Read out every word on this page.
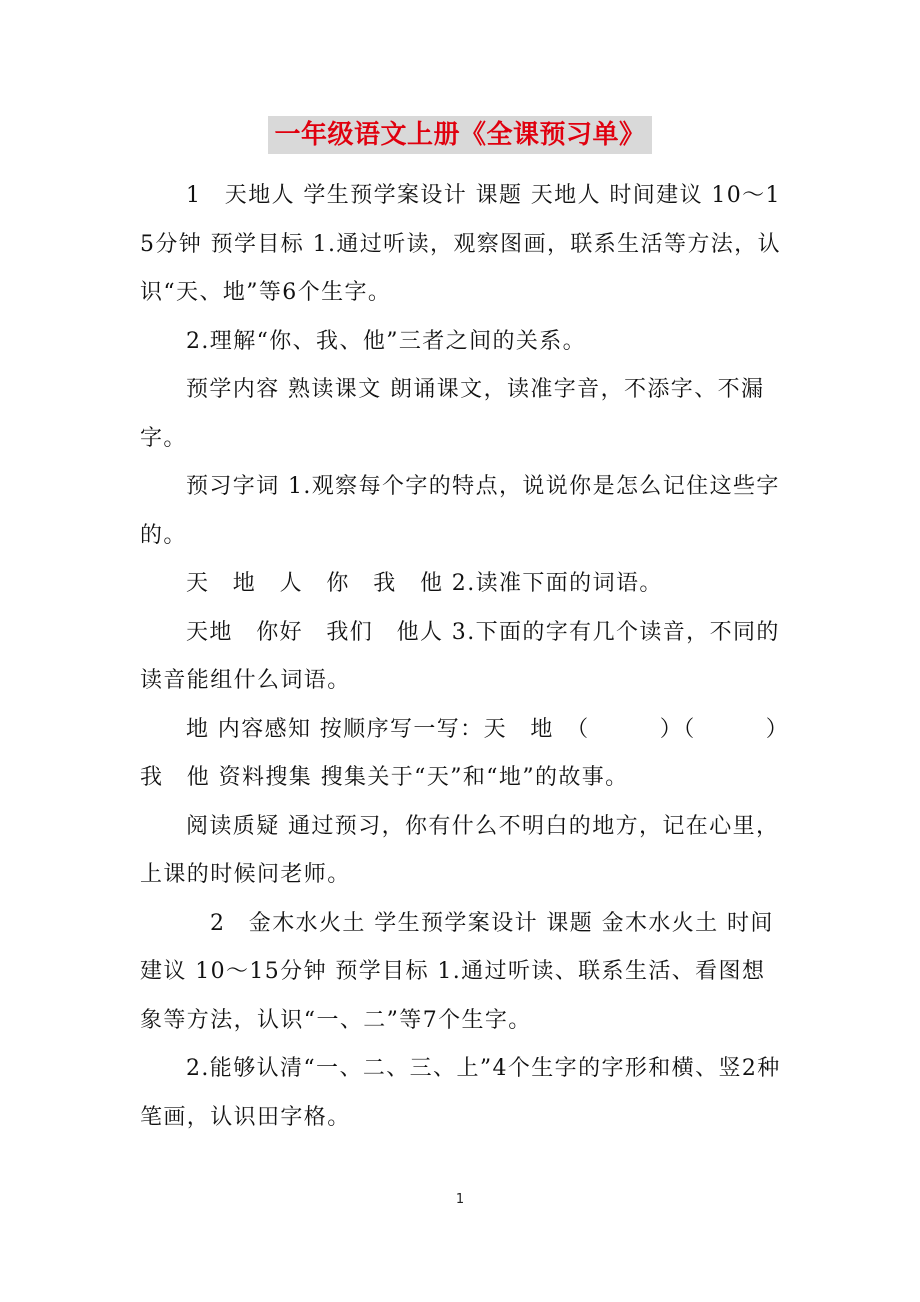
一年级语文上册《全课预习单》

1　天地人 学生预学案设计 课题 天地人 时间建议 10～15分钟 预学目标 1.通过听读，观察图画，联系生活等方法，认识“天、地”等6个生字。

2.理解“你、我、他”三者之间的关系。

预学内容 熟读课文 朗诵课文，读准字音，不添字、不漏字。

预习字词 1.观察每个字的特点，说说你是怎么记住这些字的。

天　地　人　你　我　他 2.读准下面的词语。

天地　你好　我们　他人 3.下面的字有几个读音，不同的读音能组什么词语。

地 内容感知 按顺序写一写：天　地　（　　　）（　　　）我　他 资料搜集 搜集关于“天”和“地”的故事。

阅读质疑 通过预习，你有什么不明白的地方，记在心里，上课的时候问老师。

2　金木水火土 学生预学案设计 课题 金木水火土 时间建议 10～15分钟 预学目标 1.通过听读、联系生活、看图想象等方法，认识“一、二”等7个生字。

2.能够认清“一、二、三、上”4个生字的字形和横、竖2种笔画，认识田字格。

1
